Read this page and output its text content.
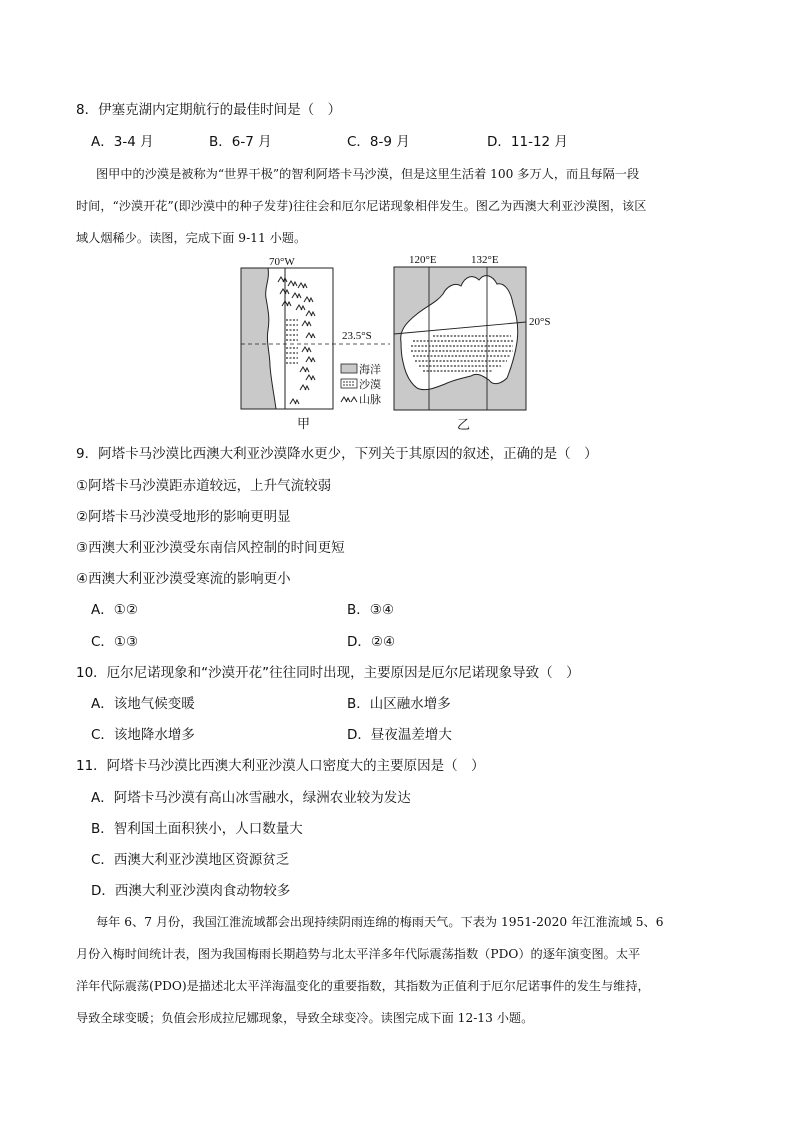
8．伊塞克湖内定期航行的最佳时间是（　）
A．3-4 月	B．6-7 月	C．8-9 月	D．11-12 月
图甲中的沙漠是被称为“世界干极”的智利阿塔卡马沙漠，但是这里生活着 100 多万人，而且每隔一段
时间，“沙漠开花”(即沙漠中的种子发芽)往往会和厄尔尼诺现象相伴发生。图乙为西澳大利亚沙漠图，该区
域人烟稀少。读图，完成下面 9-11 小题。
70°W
23.5°S
海洋
沙漠
山脉
甲
120°E	132°E
20°S
乙
9．阿塔卡马沙漠比西澳大利亚沙漠降水更少，下列关于其原因的叙述，正确的是（　）
①阿塔卡马沙漠距赤道较远，上升气流较弱
②阿塔卡马沙漠受地形的影响更明显
③西澳大利亚沙漠受东南信风控制的时间更短
④西澳大利亚沙漠受寒流的影响更小
A．①②	B．③④
C．①③	D．②④
10．厄尔尼诺现象和“沙漠开花”往往同时出现，主要原因是厄尔尼诺现象导致（　）
A．该地气候变暖	B．山区融水增多
C．该地降水增多	D．昼夜温差增大
11．阿塔卡马沙漠比西澳大利亚沙漠人口密度大的主要原因是（　）
A．阿塔卡马沙漠有高山冰雪融水，绿洲农业较为发达
B．智利国土面积狭小，人口数量大
C．西澳大利亚沙漠地区资源贫乏
D．西澳大利亚沙漠肉食动物较多
每年 6、7 月份，我国江淮流域都会出现持续阴雨连绵的梅雨天气。下表为 1951-2020 年江淮流域 5、6
月份入梅时间统计表，图为我国梅雨长期趋势与北太平洋多年代际震荡指数（PDO）的逐年演变图。太平
洋年代际震荡(PDO)是描述北太平洋海温变化的重要指数，其指数为正值利于厄尔尼诺事件的发生与维持，
导致全球变暖；负值会形成拉尼娜现象，导致全球变冷。读图完成下面 12-13 小题。
